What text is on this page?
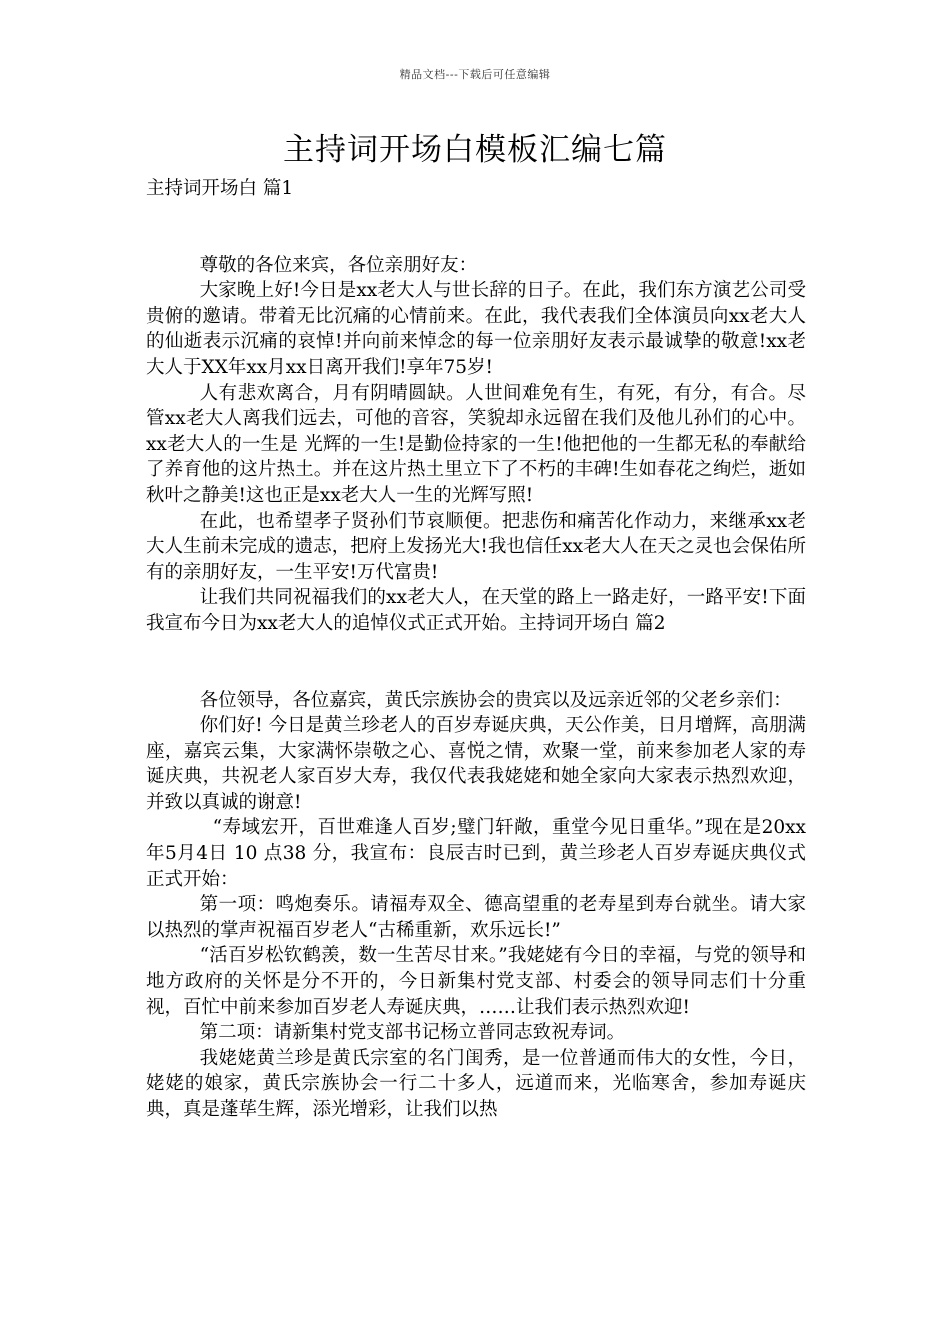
精品文档---下载后可任意编辑
主持词开场白模板汇编七篇
主持词开场白 篇1

尊敬的各位来宾，各位亲朋好友：

大家晚上好!今日是xx老大人与世长辞的日子。在此，我们东方演艺公司受贵俯的邀请。带着无比沉痛的心情前来。在此，我代表我们全体演员向xx老大人的仙逝表示沉痛的哀悼!并向前来悼念的每一位亲朋好友表示最诚挚的敬意!xx老大人于XX年xx月xx日离开我们!享年75岁!

人有悲欢离合，月有阴晴圆缺。人世间难免有生，有死，有分，有合。尽管xx老大人离我们远去，可他的音容，笑貌却永远留在我们及他儿孙们的心中。xx老大人的一生是 光辉的一生!是勤俭持家的一生!他把他的一生都无私的奉献给了养育他的这片热土。并在这片热土里立下了不朽的丰碑!生如春花之绚烂，逝如秋叶之静美!这也正是xx老大人一生的光辉写照!

在此，也希望孝子贤孙们节哀顺便。把悲伤和痛苦化作动力，来继承xx老大人生前未完成的遗志，把府上发扬光大!我也信任xx老大人在天之灵也会保佑所有的亲朋好友，一生平安!万代富贵!

让我们共同祝福我们的xx老大人，在天堂的路上一路走好，一路平安!下面我宣布今日为xx老大人的追悼仪式正式开始。主持词开场白 篇2

各位领导，各位嘉宾，黄氏宗族协会的贵宾以及远亲近邻的父老乡亲们：

你们好! 今日是黄兰珍老人的百岁寿诞庆典，天公作美，日月增辉，高朋满座，嘉宾云集，大家满怀崇敬之心、喜悦之情，欢聚一堂，前来参加老人家的寿诞庆典，共祝老人家百岁大寿，我仅代表我姥姥和她全家向大家表示热烈欢迎，并致以真诚的谢意!

“寿域宏开，百世难逢人百岁;璧门轩敞，重堂今见日重华。”现在是20xx年5月4日 10 点38 分，我宣布：良辰吉时已到，黄兰珍老人百岁寿诞庆典仪式正式开始：

第一项：鸣炮奏乐。请福寿双全、德高望重的老寿星到寿台就坐。请大家以热烈的掌声祝福百岁老人“古稀重新，欢乐远长!”

“活百岁松钦鹤羡，数一生苦尽甘来。”我姥姥有今日的幸福，与党的领导和地方政府的关怀是分不开的，今日新集村党支部、村委会的领导同志们十分重视，百忙中前来参加百岁老人寿诞庆典，……让我们表示热烈欢迎!

第二项：请新集村党支部书记杨立普同志致祝寿词。

我姥姥黄兰珍是黄氏宗室的名门闺秀，是一位普通而伟大的女性，今日，姥姥的娘家，黄氏宗族协会一行二十多人，远道而来，光临寒舍，参加寿诞庆典，真是蓬荜生辉，添光增彩，让我们以热
